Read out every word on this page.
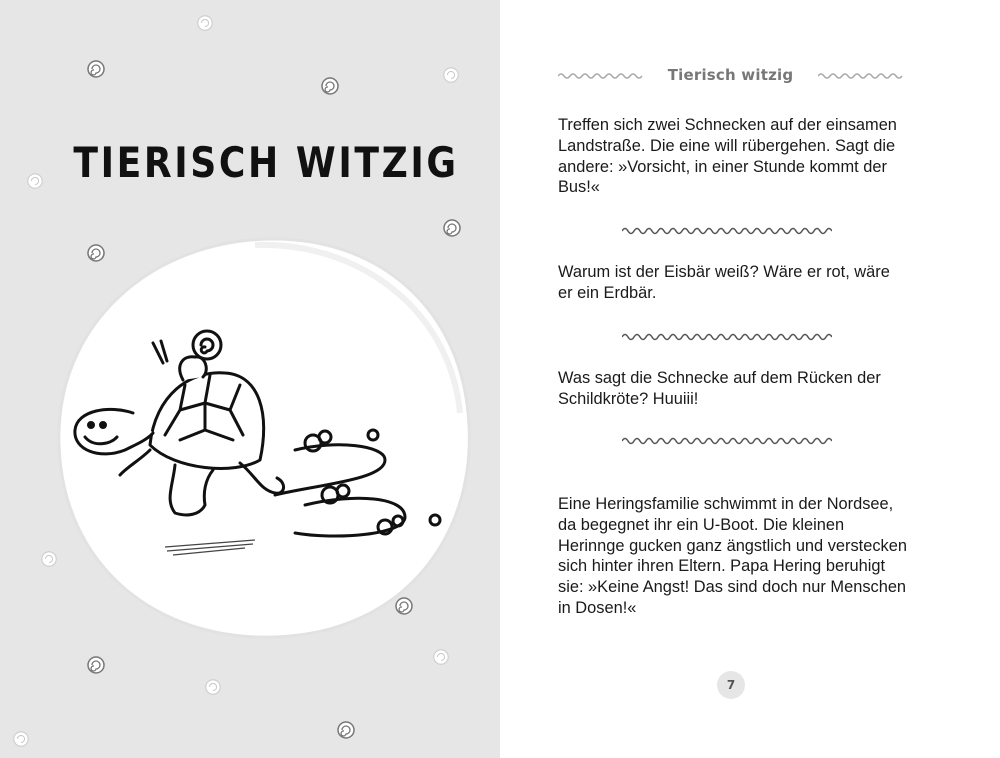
TIERISCH WITZIG
Tierisch witzig

Treffen sich zwei Schnecken auf der einsamen Landstraße. Die eine will rübergehen. Sagt die andere: »Vorsicht, in einer Stunde kommt der Bus!«

Warum ist der Eisbär weiß? Wäre er rot, wäre er ein Erdbär.

Was sagt die Schnecke auf dem Rücken der Schildkröte? Huuiii!

Eine Heringsfamilie schwimmt in der Nordsee, da begegnet ihr ein U-Boot. Die kleinen Herinnge gucken ganz ängstlich und verstecken sich hinter ihren Eltern. Papa Hering beruhigt sie: »Keine Angst! Das sind doch nur Menschen in Dosen!«

7
